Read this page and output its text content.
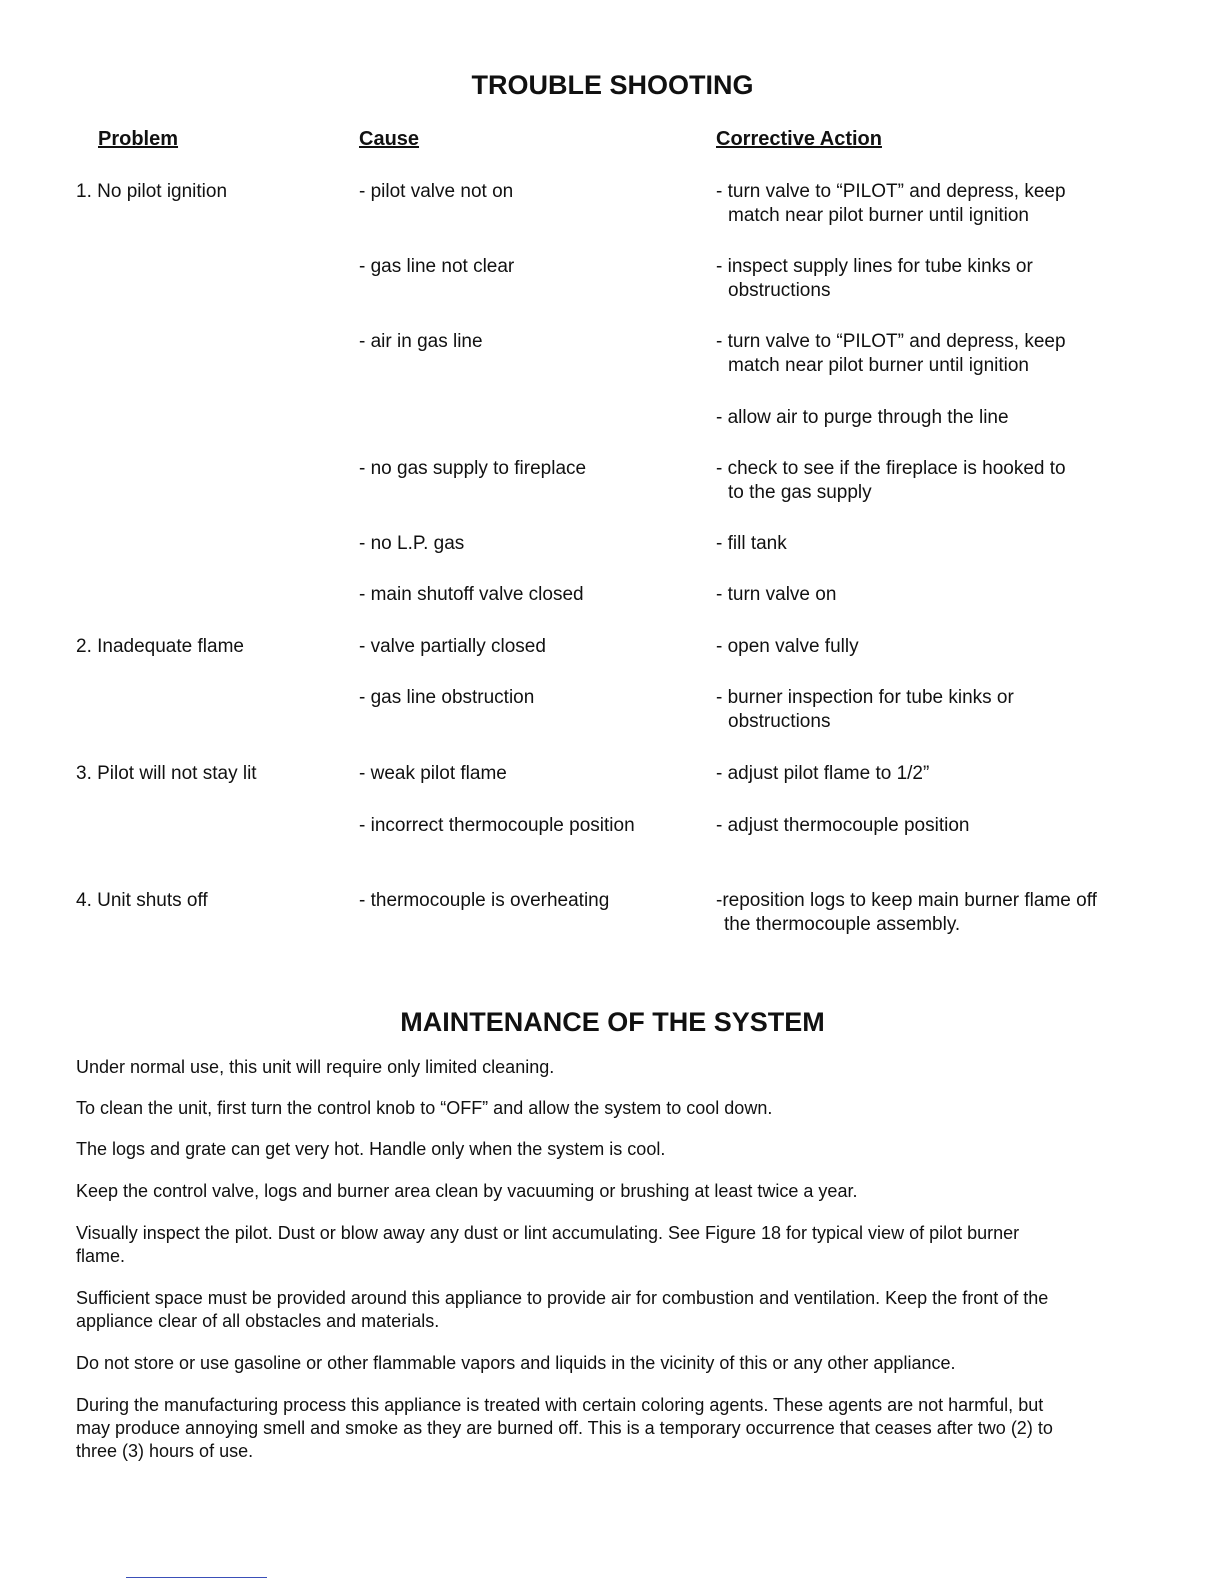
TROUBLE SHOOTING
Problem	Cause	Corrective Action
1. No pilot ignition
2. Inadequate flame
3. Pilot will not stay lit
4. Unit shuts off
- pilot valve not on
- gas line not clear
- air in gas line
- no gas supply to fireplace
- no L.P. gas
- main shutoff valve closed
- valve partially closed
- gas line obstruction
- weak pilot flame
- incorrect thermocouple position
- thermocouple is overheating
- turn valve to “PILOT” and depress, keep
match near pilot burner until ignition
- inspect supply lines for tube kinks or
obstructions
- turn valve to “PILOT” and depress, keep
match near pilot burner until ignition
- allow air to purge through the line
- check to see if the fireplace is hooked to
to the gas supply
- fill tank
- turn valve on
- open valve fully
- burner inspection for tube kinks or
obstructions
- adjust pilot flame to 1/2”
- adjust thermocouple position
-reposition logs to keep main burner flame off
the thermocouple assembly.
MAINTENANCE OF THE SYSTEM
Under normal use, this unit will require only limited cleaning.
To clean the unit, first turn the control knob to “OFF” and allow the system to cool down.
The logs and grate can get very hot. Handle only when the system is cool.
Keep the control valve, logs and burner area clean by vacuuming or brushing at least twice a year.
Visually inspect the pilot. Dust or blow away any dust or lint accumulating. See Figure 18 for typical view of pilot burner flame.
Sufficient space must be provided around this appliance to provide air for combustion and ventilation. Keep the front of the appliance clear of all obstacles and materials.
Do not store or use gasoline or other flammable vapors and liquids in the vicinity of this or any other appliance.
During the manufacturing process this appliance is treated with certain coloring agents. These agents are not harmful, but may produce annoying smell and smoke as they are burned off. This is a temporary occurrence that ceases after two (2) to three (3) hours of use.
